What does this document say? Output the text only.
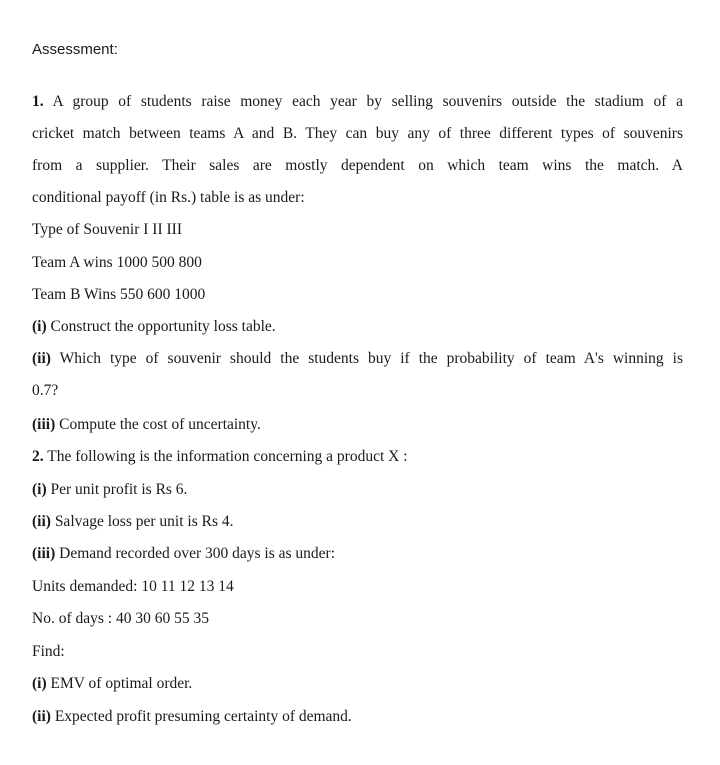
Assessment:
1. A group of students raise money each year by selling souvenirs outside the stadium of a
cricket match between teams A and B. They can buy any of three different types of souvenirs
from a supplier. Their sales are mostly dependent on which team wins the match. A
conditional payoff (in Rs.) table is as under:
Type of Souvenir I II III
Team A wins 1000 500 800
Team B Wins 550 600 1000
(i) Construct the opportunity loss table.
(ii) Which type of souvenir should the students buy if the probability of team A's winning is
0.7?
(iii) Compute the cost of uncertainty.
2. The following is the information concerning a product X :
(i) Per unit profit is Rs 6.
(ii) Salvage loss per unit is Rs 4.
(iii) Demand recorded over 300 days is as under:
Units demanded: 10 11 12 13 14
No. of days : 40 30 60 55 35
Find:
(i) EMV of optimal order.
(ii) Expected profit presuming certainty of demand.
